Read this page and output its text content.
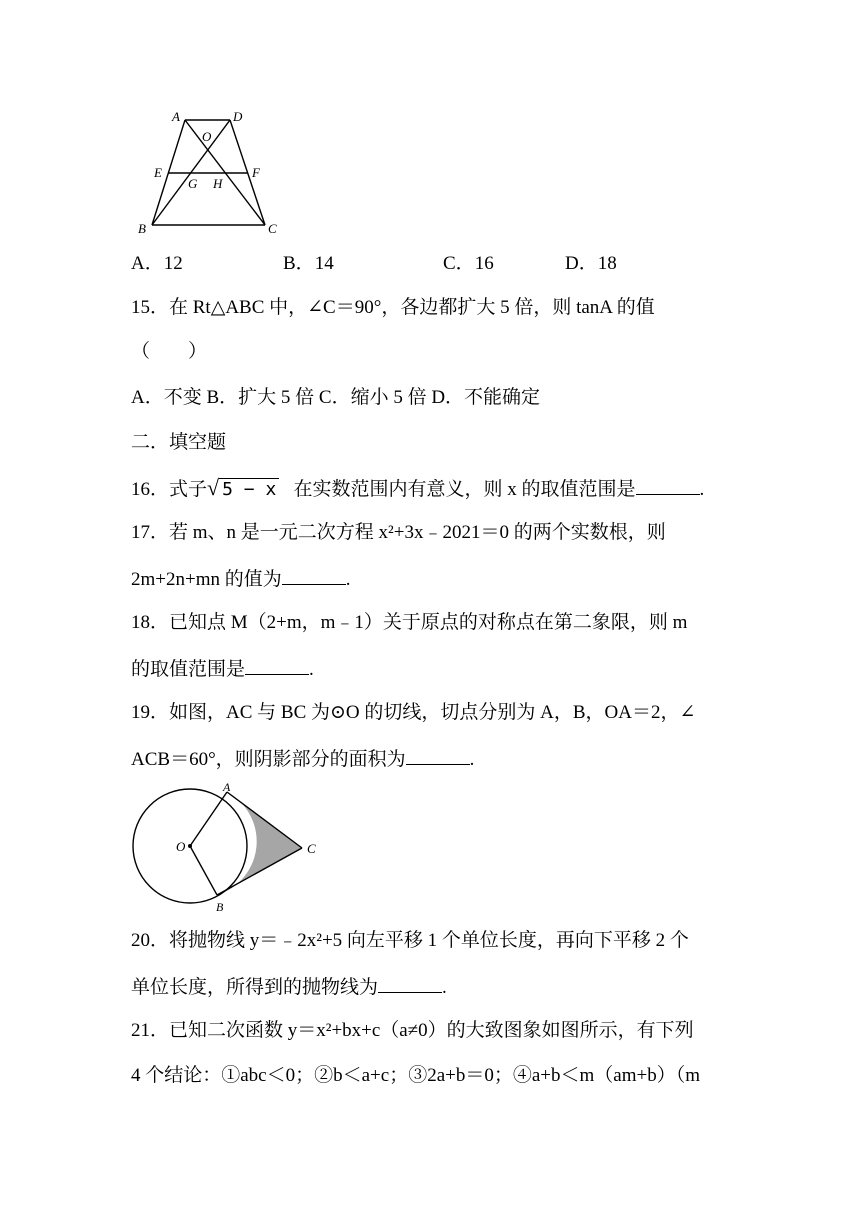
A	D
O
E	F
G H
B	C
A．12	B．14	C．16	D．18
15．在 Rt△ABC 中，∠C＝90°，各边都扩大 5 倍，则 tanA 的值
（　　）
A．不变 B．扩大 5 倍 C．缩小 5 倍 D．不能确定
二．填空题
16．式子√ 5 − x 在实数范围内有意义，则 x 的取值范围是	.
17．若 m、n 是一元二次方程 x²+3x﹣2021＝0 的两个实数根，则
2m+2n+mn 的值为	.
18．已知点 M（2+m，m﹣1）关于原点的对称点在第二象限，则 m
的取值范围是	.
19．如图，AC 与 BC 为⊙O 的切线，切点分别为 A，B，OA＝2，∠
ACB＝60°，则阴影部分的面积为	.
A
O	C
B
20．将抛物线 y＝﹣2x²+5 向左平移 1 个单位长度，再向下平移 2 个
单位长度，所得到的抛物线为	.
21．已知二次函数 y＝x²+bx+c（a≠0）的大致图象如图所示，有下列
4 个结论：①abc＜0；②b＜a+c；③2a+b＝0；④a+b＜m（am+b）（m
